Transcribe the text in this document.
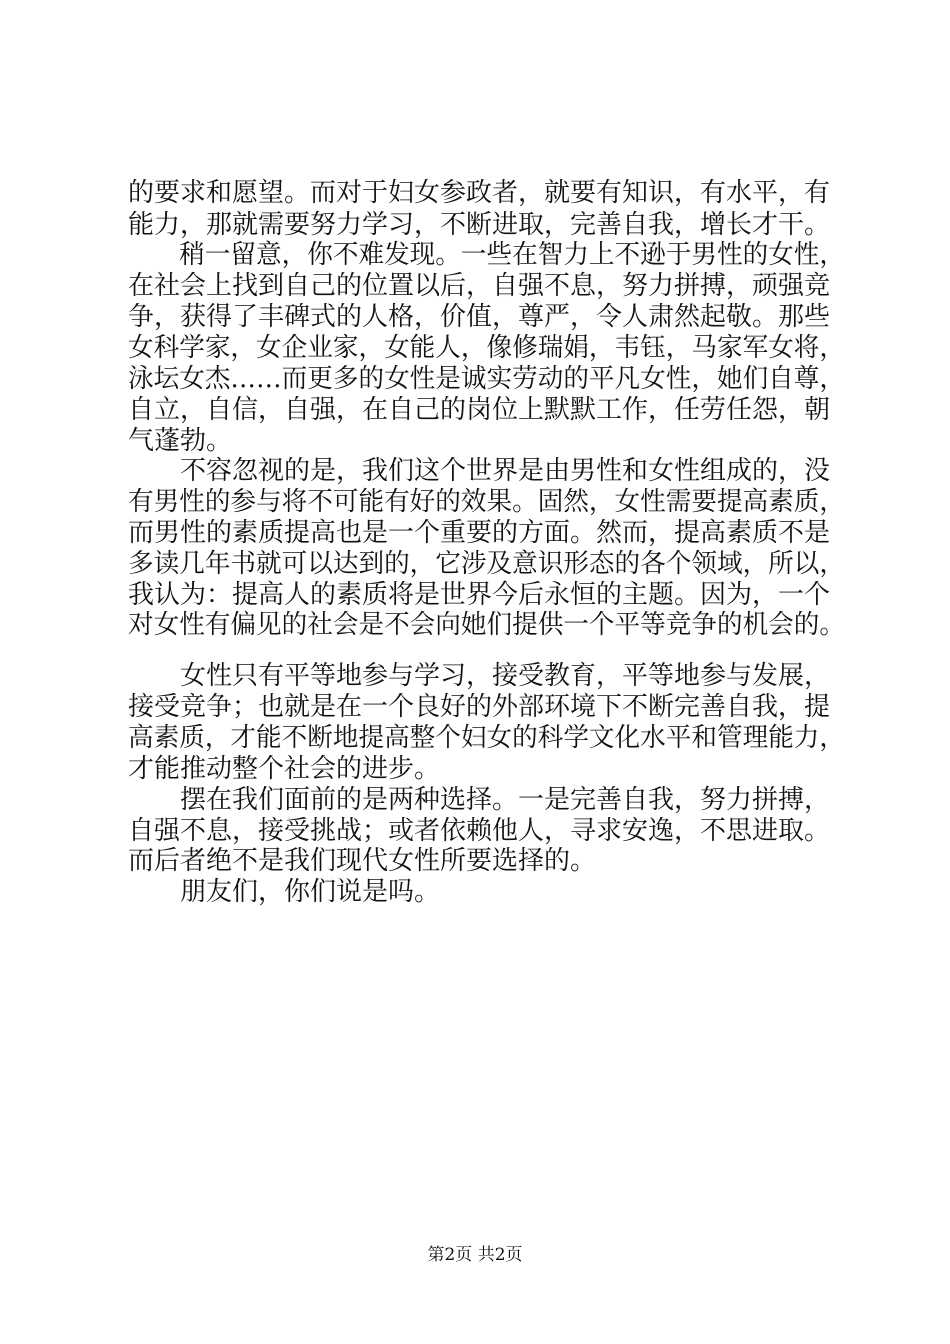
的要求和愿望。而对于妇女参政者，就要有知识，有水平，有
能力，那就需要努力学习，不断进取，完善自我，增长才干。
　　稍一留意，你不难发现。一些在智力上不逊于男性的女性，
在社会上找到自己的位置以后，自强不息，努力拼搏，顽强竞
争，获得了丰碑式的人格，价值，尊严，令人肃然起敬。那些
女科学家，女企业家，女能人，像修瑞娟，韦钰，马家军女将，
泳坛女杰……而更多的女性是诚实劳动的平凡女性，她们自尊，
自立，自信，自强，在自己的岗位上默默工作，任劳任怨，朝
气蓬勃。
　　不容忽视的是，我们这个世界是由男性和女性组成的，没
有男性的参与将不可能有好的效果。固然，女性需要提高素质，
而男性的素质提高也是一个重要的方面。然而，提高素质不是
多读几年书就可以达到的，它涉及意识形态的各个领域，所以，
我认为：提高人的素质将是世界今后永恒的主题。因为，一个
对女性有偏见的社会是不会向她们提供一个平等竞争的机会的。
　　女性只有平等地参与学习，接受教育，平等地参与发展，
接受竞争；也就是在一个良好的外部环境下不断完善自我，提
高素质，才能不断地提高整个妇女的科学文化水平和管理能力，
才能推动整个社会的进步。
　　摆在我们面前的是两种选择。一是完善自我，努力拼搏，
自强不息，接受挑战；或者依赖他人，寻求安逸，不思进取。
而后者绝不是我们现代女性所要选择的。
　　朋友们，你们说是吗。
第2页 共2页
